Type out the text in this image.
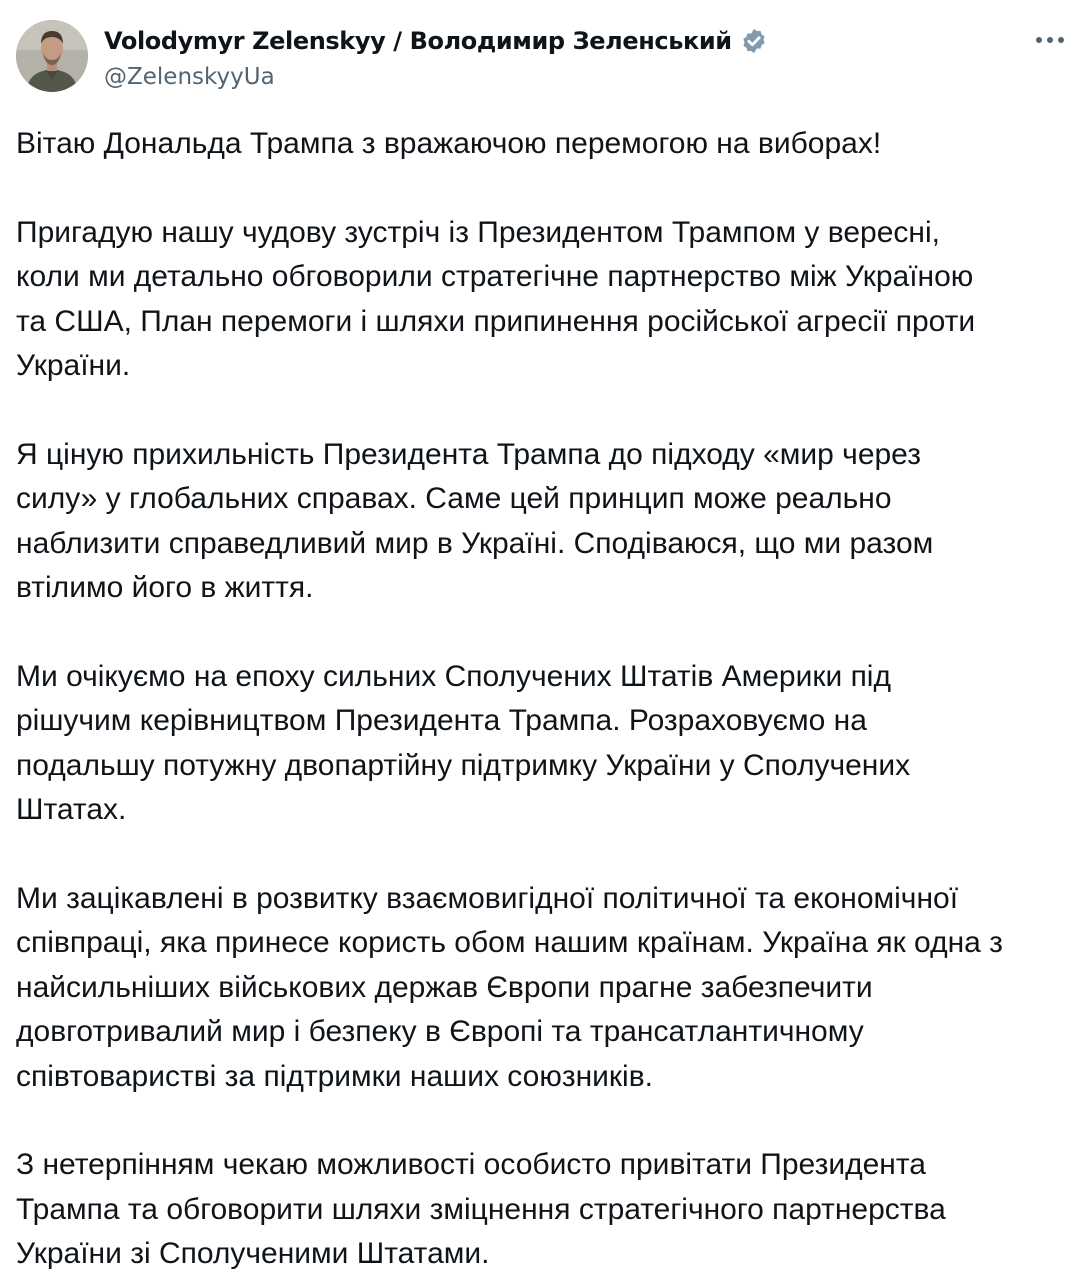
Volodymyr Zelenskyy / Володимир Зеленський
@ZelenskyyUa
Вітаю Дональда Трампа з вражаючою перемогою на виборах!
Пригадую нашу чудову зустріч із Президентом Трампом у вересні,
коли ми детально обговорили стратегічне партнерство між Україною
та США, План перемоги і шляхи припинення російської агресії проти
України.
Я ціную прихильність Президента Трампа до підходу «мир через
силу» у глобальних справах. Саме цей принцип може реально
наблизити справедливий мир в Україні. Сподіваюся, що ми разом
втілимо його в життя.
Ми очікуємо на епоху сильних Сполучених Штатів Америки під
рішучим керівництвом Президента Трампа. Розраховуємо на
подальшу потужну двопартійну підтримку України у Сполучених
Штатах.
Ми зацікавлені в розвитку взаємовигідної політичної та економічної
співпраці, яка принесе користь обом нашим країнам. Україна як одна з
найсильніших військових держав Європи прагне забезпечити
довготривалий мир і безпеку в Європі та трансатлантичному
співтоваристві за підтримки наших союзників.
З нетерпінням чекаю можливості особисто привітати Президента
Трампа та обговорити шляхи зміцнення стратегічного партнерства
України зі Сполученими Штатами.
